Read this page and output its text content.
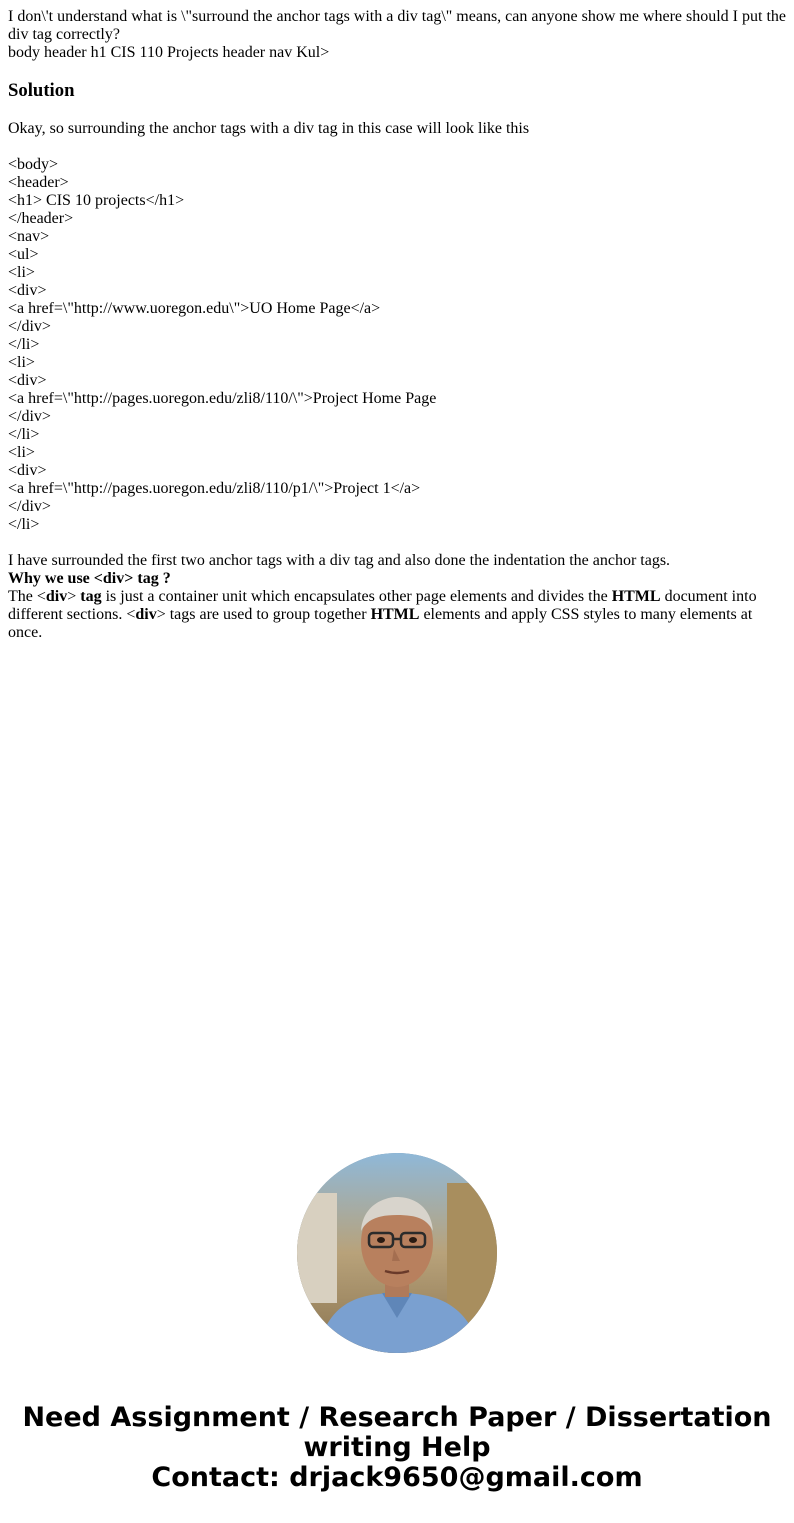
I don\'t understand what is \"surround the anchor tags with a div tag\" means, can anyone show me where should I put the div tag correctly?
body header h1 CIS 110 Projects header nav Kul>
Solution
Okay, so surrounding the anchor tags with a div tag in this case will look like this
<body>
<header>
<h1> CIS 10 projects</h1>
</header>
<nav>
<ul>
<li>
<div>
<a href=\"http://www.uoregon.edu\">UO Home Page</a>
</div>
</li>
<li>
<div>
<a href=\"http://pages.uoregon.edu/zli8/110/\">Project Home Page
</div>
</li>
<li>
<div>
<a href=\"http://pages.uoregon.edu/zli8/110/p1/\">Project 1</a>
</div>
</li>
I have surrounded the first two anchor tags with a div tag and also done the indentation the anchor tags.
Why we use <div> tag ?
The <div> tag is just a container unit which encapsulates other page elements and divides the HTML document into different sections. <div> tags are used to group together HTML elements and apply CSS styles to many elements at once.
Need Assignment / Research Paper / Dissertation
writing Help
Contact: drjack9650@gmail.com
